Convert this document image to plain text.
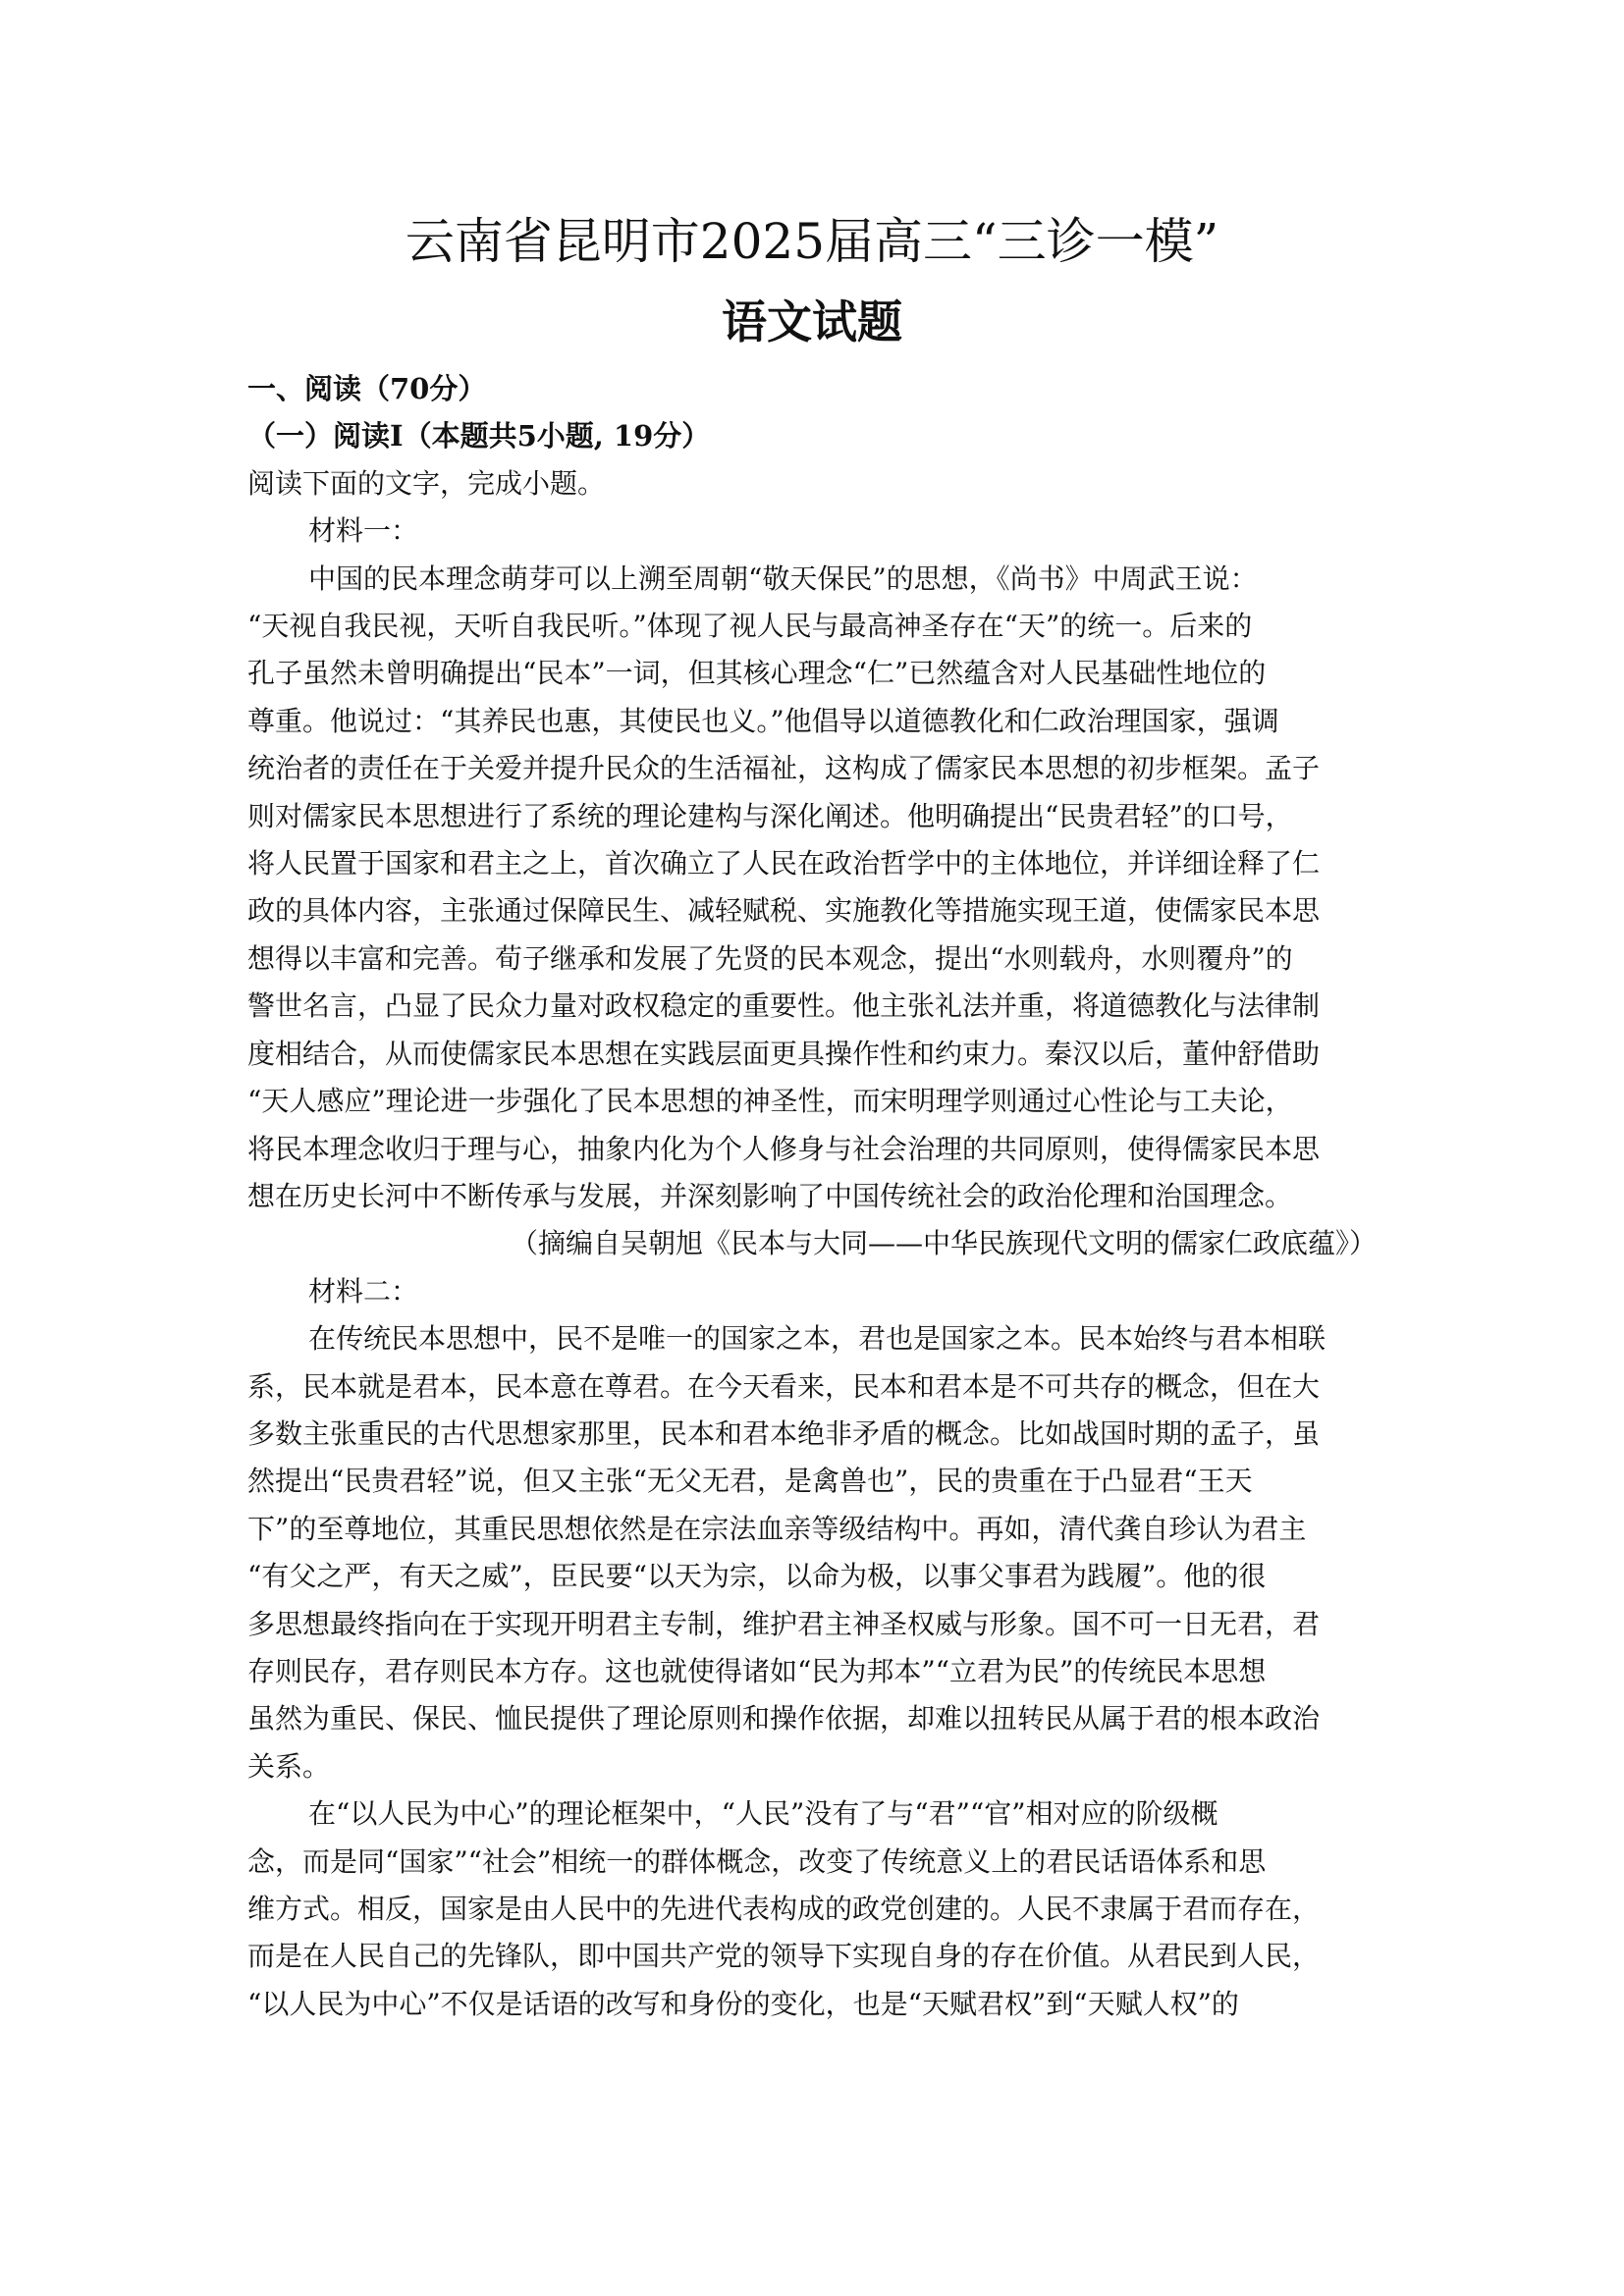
云南省昆明市2025届高三“三诊一模”
语文试题

一、阅读（70分）

（一）阅读Ⅰ（本题共5小题, 19分）

阅读下面的文字，完成小题。

材料一：

中国的民本理念萌芽可以上溯至周朝“敬天保民”的思想，《尚书》中周武王说：

“天视自我民视，天听自我民听。”体现了视人民与最高神圣存在“天”的统一。后来的

孔子虽然未曾明确提出“民本”一词，但其核心理念“仁”已然蕴含对人民基础性地位的

尊重。他说过：“其养民也惠，其使民也义。”他倡导以道德教化和仁政治理国家，强调

统治者的责任在于关爱并提升民众的生活福祉，这构成了儒家民本思想的初步框架。孟子

则对儒家民本思想进行了系统的理论建构与深化阐述。他明确提出“民贵君轻”的口号，

将人民置于国家和君主之上，首次确立了人民在政治哲学中的主体地位，并详细诠释了仁

政的具体内容，主张通过保障民生、减轻赋税、实施教化等措施实现王道，使儒家民本思

想得以丰富和完善。荀子继承和发展了先贤的民本观念，提出“水则载舟，水则覆舟”的

警世名言，凸显了民众力量对政权稳定的重要性。他主张礼法并重，将道德教化与法律制

度相结合，从而使儒家民本思想在实践层面更具操作性和约束力。秦汉以后，董仲舒借助

“天人感应”理论进一步强化了民本思想的神圣性，而宋明理学则通过心性论与工夫论，

将民本理念收归于理与心，抽象内化为个人修身与社会治理的共同原则，使得儒家民本思

想在历史长河中不断传承与发展，并深刻影响了中国传统社会的政治伦理和治国理念。

（摘编自吴朝旭《民本与大同——中华民族现代文明的儒家仁政底蕴》）

材料二：

在传统民本思想中，民不是唯一的国家之本，君也是国家之本。民本始终与君本相联

系，民本就是君本，民本意在尊君。在今天看来，民本和君本是不可共存的概念，但在大

多数主张重民的古代思想家那里，民本和君本绝非矛盾的概念。比如战国时期的孟子，虽

然提出“民贵君轻”说，但又主张“无父无君，是禽兽也”，民的贵重在于凸显君“王天

下”的至尊地位，其重民思想依然是在宗法血亲等级结构中。再如，清代龚自珍认为君主

“有父之严，有天之威”，臣民要“以天为宗，以命为极，以事父事君为践履”。他的很

多思想最终指向在于实现开明君主专制，维护君主神圣权威与形象。国不可一日无君，君

存则民存，君存则民本方存。这也就使得诸如“民为邦本”“立君为民”的传统民本思想

虽然为重民、保民、恤民提供了理论原则和操作依据，却难以扭转民从属于君的根本政治

关系。

在“以人民为中心”的理论框架中，“人民”没有了与“君”“官”相对应的阶级概

念，而是同“国家”“社会”相统一的群体概念，改变了传统意义上的君民话语体系和思

维方式。相反，国家是由人民中的先进代表构成的政党创建的。人民不隶属于君而存在，

而是在人民自己的先锋队，即中国共产党的领导下实现自身的存在价值。从君民到人民，

“以人民为中心”不仅是话语的改写和身份的变化，也是“天赋君权”到“天赋人权”的
